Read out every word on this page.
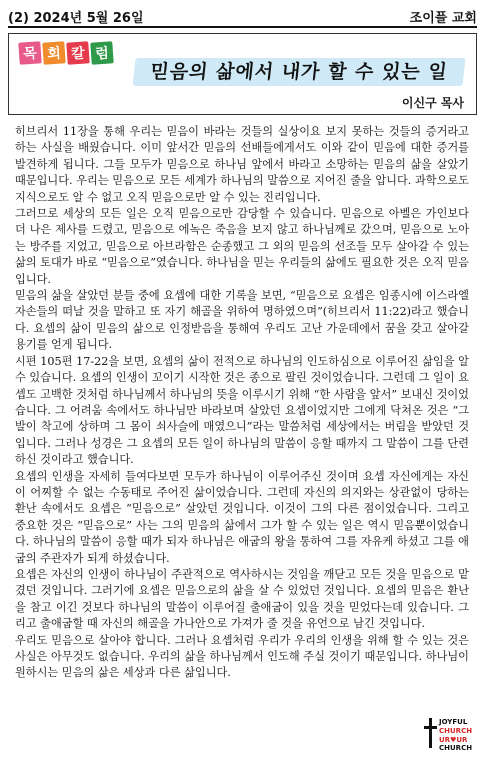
(2) 2024년 5월 26일	조이플 교회
목 회 칼 럼
믿음의 삶에서 내가 할 수 있는 일
이신구 목사

히브리서 11장을 통해 우리는 믿음이 바라는 것들의 실상이요 보지 못하는 것들의 증거라고 하는 사실을 배웠습니다. 이미 앞서간 믿음의 선배들에게서도 이와 같이 믿음에 대한 증거를 발견하게 됩니다. 그들 모두가 믿음으로 하나님 앞에서 바라고 소망하는 믿음의 삶을 살았기 때문입니다. 우리는 믿음으로 모든 세계가 하나님의 말씀으로 지어진 줄을 압니다. 과학으로도 지식으로도 알 수 없고 오직 믿음으로만 알 수 있는 진리입니다.

그러므로 세상의 모든 일은 오직 믿음으로만 감당할 수 있습니다. 믿음으로 아벨은 가인보다 더 나은 제사를 드렸고, 믿음으로 에녹은 죽음을 보지 않고 하나님께로 갔으며, 믿음으로 노아는 방주를 지었고, 믿음으로 아브라함은 순종했고 그 외의 믿음의 선조들 모두 살아갈 수 있는 삶의 토대가 바로 “믿음으로”였습니다. 하나님을 믿는 우리들의 삶에도 필요한 것은 오직 믿음입니다.

믿음의 삶을 살았던 분들 중에 요셉에 대한 기록을 보면, “믿음으로 요셉은 임종시에 이스라엘 자손들의 떠날 것을 말하고 또 자기 해골을 위하여 명하였으며”(히브리서 11:22)라고 했습니다. 요셉의 삶이 믿음의 삶으로 인정받음을 통해여 우리도 고난 가운데에서 꿈을 갖고 살아갈 용기를 얻게 됩니다.

시편 105편 17-22을 보면, 요셉의 삶이 전적으로 하나님의 인도하심으로 이루어진 삶임을 알 수 있습니다. 요셉의 인생이 꼬이기 시작한 것은 종으로 팔린 것이었습니다. 그런데 그 일이 요셉도 고백한 것처럼 하나님께서 하나님의 뜻을 이루시기 위해 “한 사람을 앞서” 보내신 것이었습니다. 그 어려움 속에서도 하나님만 바라보며 살았던 요셉이었지만 그에게 닥쳐온 것은 “그 발이 착고에 상하며 그 몸이 쇠사슬에 매였으니”라는 말씀처럼 세상에서는 버림을 받았던 것입니다. 그러나 성경은 그 요셉의 모든 일이 하나님의 말씀이 응할 때까지 그 말씀이 그를 단련하신 것이라고 했습니다.

요셉의 인생을 자세히 들여다보면 모두가 하나님이 이루어주신 것이며 요셉 자신에게는 자신이 어찌할 수 없는 수동태로 주어진 삶이었습니다. 그런데 자신의 의지와는 상관없이 당하는 환난 속에서도 요셉은 “믿음으로” 살았던 것입니다. 이것이 그의 다른 점이었습니다. 그리고 중요한 것은 “믿음으로” 사는 그의 믿음의 삶에서 그가 할 수 있는 일은 역시 믿음뿐이었습니다. 하나님의 말씀이 응할 때가 되자 하나님은 애굽의 왕을 통하여 그를 자유케 하셨고 그를 애굽의 주관자가 되게 하셨습니다.

요셉은 자신의 인생이 하나님이 주관적으로 역사하시는 것임을 깨닫고 모든 것을 믿음으로 맡겼던 것입니다. 그러기에 요셉은 믿음으로의 삶을 살 수 있었던 것입니다. 요셉의 믿음은 환난을 참고 이긴 것보다 하나님의 말씀이 이루어질 출애굽이 있을 것을 믿었다는데 있습니다. 그리고 출애굽할 때 자신의 해골을 가나안으로 가져가 줄 것을 유언으로 남긴 것입니다.

우리도 믿음으로 살아야 합니다. 그러나 요셉처럼 우리가 우리의 인생을 위해 할 수 있는 것은 사실은 아무것도 없습니다. 우리의 삶을 하나님께서 인도해 주실 것이기 때문입니다. 하나님이 원하시는 믿음의 삶은 세상과 다른 삶입니다.

JOYFUL
CHURCH
UR♥UR
CHURCH
